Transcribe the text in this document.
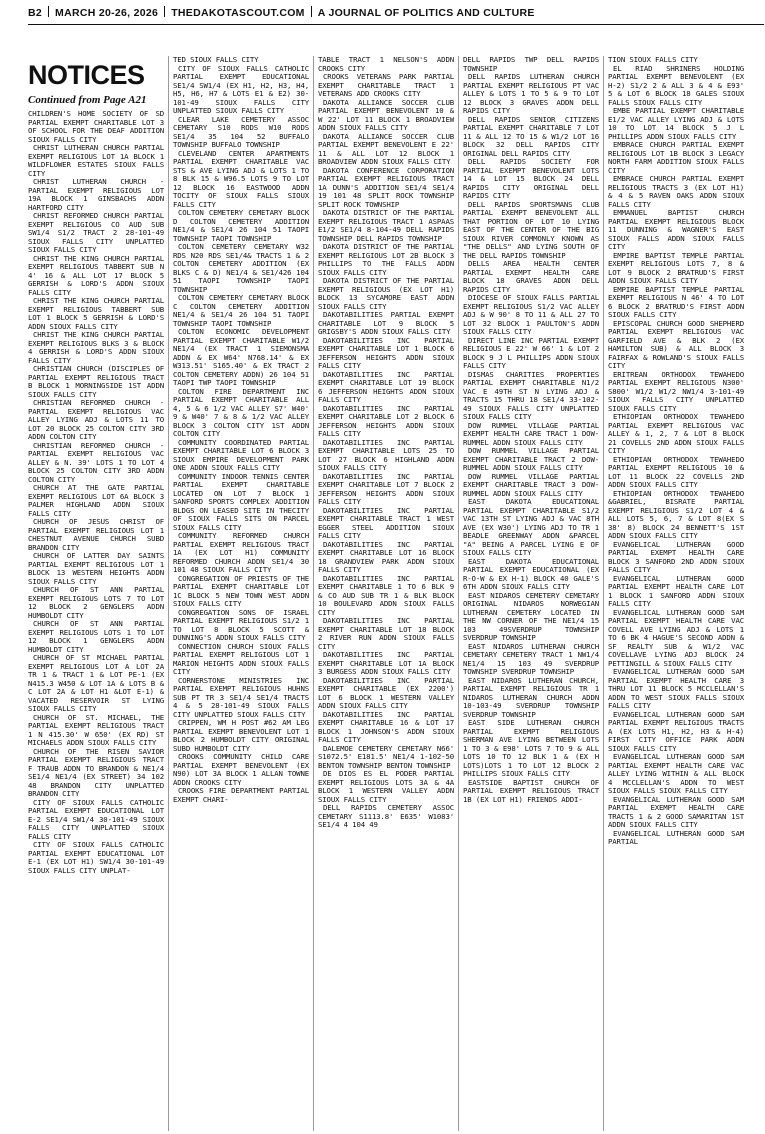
B2 MARCH 20-26, 2026 THEDAKOTASCOUT.COM A JOURNAL OF POLITICS AND CULTURE
NOTICES
Continued from Page A21

CHILDREN'S HOME SOCIETY OF SD PARTIAL EXEMPT CHARITABLE LOT 3 OF SCHOOL FOR THE DEAF ADDITION SIOUX FALLS CITY

CHRIST LUTHERAN CHURCH PARTIAL EXEMPT RELIGIOUS LOT 1A BLOCK 1 WILDFLOWER ESTATES SIOUX FALLS CITY

CHRIST LUTHERAN CHURCH - PARTIAL EXEMPT RELIGIOUS LOT 19A BLOCK 1 GINSBACHS ADDN HARTFORD CITY

CHRIST REFORMED CHURCH PARTIAL EXEMPT RELIGIOUS CO AUD SUB SW1/4 S1/2 TRACT 2 28-101-49 SIOUX FALLS CITY UNPLATTED SIOUX FALLS CITY

CHRIST THE KING CHURCH PARTIAL EXEMPT RELIGIOUS TABBERT SUB N 4' 16 & ALL LOT 17 BLOCK 5 GERRISH & LORD'S ADDN SIOUX FALLS CITY

CHRIST THE KING CHURCH PARTIAL EXEMPT RELIGIOUS TABBERT SUB LOT 1 BLOCK 5 GERRISH & LORD'S ADDN SIOUX FALLS CITY

CHRIST THE KING CHURCH PARTIAL EXEMPT RELIGIOUS BLKS 3 & BLOCK 4 GERRISH & LORD'S ADDN SIOUX FALLS CITY

CHRISTIAN CHURCH (DISCIPLES OF PARTIAL EXEMPT RELIGIOUS TRACT B BLOCK 1 MORNINGSIDE 1ST ADDN SIOUX FALLS CITY

CHRISTIAN REFORMED CHURCH - PARTIAL EXEMPT RELIGIOUS VAC ALLEY LYING ADJ & LOTS 11 TO LOT 20 BLOCK 25 COLTON CITY 3RD ADDN COLTON CITY

CHRISTIAN REFORMED CHURCH - PARTIAL EXEMPT RELIGIOUS VAC ALLEY & N. 39' LOTS 1 TO LOT 4 BLOCK 25 COLTON CITY 3RD ADDN COLTON CITY

CHURCH AT THE GATE PARTIAL EXEMPT RELIGIOUS LOT 6A BLOCK 3 PALMER HIGHLAND ADDN SIOUX FALLS CITY

CHURCH OF JESUS CHRIST OF PARTIAL EXEMPT RELIGIOUS LOT 1 CHESTNUT AVENUE CHURCH SUBD BRANDON CITY

CHURCH OF LATTER DAY SAINTS PARTIAL EXEMPT RELIGIOUS LOT 1 BLOCK 13 WESTERN HEIGHTS ADDN SIOUX FALLS CITY

CHURCH OF ST ANN PARTIAL EXEMPT RELIGIOUS LOTS 7 TO LOT 12 BLOCK 2 GENGLERS ADDN HUMBOLDT CITY

CHURCH OF ST ANN PARTIAL EXEMPT RELIGIOUS LOTS 1 TO LOT 12 BLOCK 1 GENGLERS ADDN HUMBOLDT CITY

CHURCH OF ST MICHAEL PARTIAL EXEMPT RELIGIOUS LOT A LOT 2A TR 1 & TRACT 1 & LOT PE-1 (EX N415.3 W450 & LOT 1A & LOTS B & C LOT 2A & LOT H1 &LOT E-1) & VACATED RESERVOIR ST LYING SIOUX FALLS CITY

CHURCH OF ST. MICHAEL, THE PARTIAL EXEMPT RELIGIOUS TRACT 1 N 415.30' W 650' (EX RD) ST MICHAELS ADDN SIOUX FALLS CITY

CHURCH OF THE RISEN SAVIOR PARTIAL EXEMPT RELIGIOUS TRACT F TRAUB ADDN TO BRANDON & NE1/4 SE1/4 NE1/4 (EX STREET) 34 102 48 BRANDON CITY UNPLATTED BRANDON CITY

CITY OF SIOUX FALLS CATHOLIC PARTIAL EXEMPT EDUCATIONAL LOT E-2 SE1/4 SW1/4 30-101-49 SIOUX FALLS CITY UNPLATTED SIOUX FALLS CITY

CITY OF SIOUX FALLS CATHOLIC PARTIAL EXEMPT EDUCATIONAL LOT E-1 (EX LOT H1) SW1/4 30-101-49 SIOUX FALLS CITY UNPLAT-

TED SIOUX FALLS CITY

CITY OF SIOUX FALLS CATHOLIC PARTIAL EXEMPT EDUCATIONAL SE1/4 SW1/4 (EX H1, H2, H3, H4, H5, H6, H7 & LOTS E1 & E2) 30-101-49 SIOUX FALLS CITY UNPLATTED SIOUX FALLS CITY

CLEAR LAKE CEMETERY ASSOC CEMETARY S10 RODS W10 RODS SE1/4 35 104 52 BUFFALO TOWNSHIP BUFFALO TOWNSHIP

CLEVELAND CENTER APARTMENTS PARTIAL EXEMPT CHARITABLE VAC STS & AVE LYING ADJ & LOTS 1 TO 8 BLK 15 & W96.5 LOTS 9 TO LOT 12 BLOCK 16 EASTWOOD ADDN TOCITY OF SIOUX FALLS SIOUX FALLS CITY

COLTON CEMETERY CEMETARY BLOCK D COLTON CEMETERY ADDITION NE1/4 & SE1/4 26 104 51 TAOPI TOWNSHIP TAOPI TOWNSHIP

COLTON CEMETERY CEMETARY W32 RDS N20 RDS SE1/4& TRACTS 1 & 2 COLTON CEMETERY ADDITION (EX BLKS C & D) NE1/4 & SE1/426 104 51 TAOPI TOWNSHIP TAOPI TOWNSHIP

COLTON CEMETERY CEMETARY BLOCK C COLTON CEMETERY ADDITION NE1/4 & SE1/4 26 104 51 TAOPI TOWNSHIP TAOPI TOWNSHIP

COLTON ECONOMIC DEVELOPMENT PARTIAL EXEMPT CHARITABLE W1/2 NE1/4 (EX TRACT 1 SIEMONSMA ADDN & EX W64' N768.14' & EX W313.51' S165.40' & EX TRACT 2 COLTON CEMETERY ADDN) 26 104 51 TAOPI TWP TAOPI TOWNSHIP

COLTON FIRE DEPARTMENT INC PARTIAL EXEMPT CHARITABLE ALL 4, 5 & 6 1/2 VAC ALLEY S7' W40' 9 & W40' 7 & 8 & 1/2 VAC ALLEY BLOCK 3 COLTON CITY 1ST ADDN COLTON CITY

COMMUNITY COORDINATED PARTIAL EXEMPT CHARITABLE LOT 6 BLOCK 3 SIOUX EMPIRE DEVELOPMENT PARK ONE ADDN SIOUX FALLS CITY

COMMUNITY INDOOR TENNIS CENTER PARTIAL EXEMPT CHARITABLE LOCATED ON LOT 7 BLOCK 1 SANFORD SPORTS COMPLEX ADDITION BLDGS ON LEASED SITE IN THECITY OF SIOUX FALLS SITS ON PARCEL SIOUX FALLS CITY

COMMUNITY REFORMED CHURCH PARTIAL EXEMPT RELIGIOUS TRACT 1A (EX LOT H1) COMMUNITY REFORMED CHURCH ADDN SE1/4 30 101 48 SIOUX FALLS CITY

CONGREGATION OF PRIESTS OF THE PARTIAL EXEMPT CHARITABLE LOT 1C BLOCK 5 NEW TOWN WEST ADDN SIOUX FALLS CITY

CONGREGATION SONS OF ISRAEL PARTIAL EXEMPT RELIGIOUS S1/2 1 TO LOT 8 BLOCK 5 SCOTT & DUNNING'S ADDN SIOUX FALLS CITY

CONNECTION CHURCH SIOUX FALLS PARTIAL EXEMPT RELIGIOUS LOT 1 MARION HEIGHTS ADDN SIOUX FALLS CITY

CORNERSTONE MINISTRIES INC PARTIAL EXEMPT RELIGIOUS HUHNS SUB PT TR 3 SE1/4 SE1/4 TRACTS 4 & 5 28-101-49 SIOUX FALLS CITY UNPLATTED SIOUX FALLS CITY

CRIPPEN, WM H POST #62 AM LEG PARTIAL EXEMPT BENEVOLENT LOT 1 BLOCK 2 HUMBOLDT CITY ORIGINAL SUBD HUMBOLDT CITY

CROOKS COMMUNITY CHILD CARE PARTIAL EXEMPT BENEVOLENT (EX N90) LOT 3A BLOCK 1 ALLAN TOWNE ADDN CROOKS CITY

CROOKS FIRE DEPARTMENT PARTIAL EXEMPT CHARI-

TABLE TRACT 1 NELSON'S ADDN CROOKS CITY

CROOKS VETERANS PARK PARTIAL EXEMPT CHARITABLE TRACT 1 VETERANS ADD CROOKS CITY

DAKOTA ALLIANCE SOCCER CLUB PARTIAL EXEMPT BENEVOLENT 10 & W 22' LOT 11 BLOCK 1 BROADVIEW ADDN SIOUX FALLS CITY

DAKOTA ALLIANCE SOCCER CLUB PARTIAL EXEMPT BENEVOLENT E 22' 11 & ALL LOT 12 BLOCK 1 BROADVIEW ADDN SIOUX FALLS CITY

DAKOTA CONFERENCE CORPORATION PARTIAL EXEMPT RELIGIOUS TRACT 1A DUNN'S ADDITION SE1/4 SE1/4 19 101 48 SPLIT ROCK TOWNSHIP SPLIT ROCK TOWNSHIP

DAKOTA DISTRICT OF THE PARTIAL EXEMPT RELIGIOUS TRACT 1 ASPAAS E1/2 SE1/4 8-104-49 DELL RAPIDS TOWNSHIP DELL RAPIDS TOWNSHIP

DAKOTA DISTRICT OF THE PARTIAL EXEMPT RELIGIOUS LOT 2B BLOCK 3 PHILLIPS TO THE FALLS ADDN SIOUX FALLS CITY

DAKOTA DISTRICT OF THE PARTIAL EXEMPT RELIGIOUS (EX LOT H1) BLOCK 13 SYCAMORE EAST ADDN SIOUX FALLS CITY

DAKOTABILITIES PARTIAL EXEMPT CHARITABLE LOT 9 BLOCK 5 GRIGSBY'S ADDN SIOUX FALLS CITY

DAKOTABILITIES INC PARTIAL EXEMPT CHARITABLE LOT 1 BLOCK 6 JEFFERSON HEIGHTS ADDN SIOUX FALLS CITY

DAKOTABILITIES INC PARTIAL EXEMPT CHARITABLE LOT 19 BLOCK 6 JEFFERSON HEIGHTS ADDN SIOUX FALLS CITY

DAKOTABILITIES INC PARTIAL EXEMPT CHARITABLE LOT 2 BLOCK 6 JEFFERSON HEIGHTS ADDN SIOUX FALLS CITY

DAKOTABILITIES INC PARTIAL EXEMPT CHARITABLE LOTS 25 TO LOT 27 BLOCK 6 HIGHLAND ADDN SIOUX FALLS CITY

DAKOTABILITIES INC PARTIAL EXEMPT CHARITABLE LOT 7 BLOCK 2 JEFFERSON HEIGHTS ADDN SIOUX FALLS CITY

DAKOTABILITIES INC PARTIAL EXEMPT CHARITABLE TRACT 1 WEST EGGER STEEL ADDITION SIOUX FALLS CITY

DAKOTABILITIES INC PARTIAL EXEMPT CHARITABLE LOT 16 BLOCK 18 GRANDVIEW PARK ADDN SIOUX FALLS CITY

DAKOTABILITIES INC PARTIAL EXEMPT CHARITABLE 1 TO 6 BLK 9 & CO AUD SUB TR 1 & BLK BLOCK 10 BOULEVARD ADDN SIOUX FALLS CITY

DAKOTABILITIES INC PARTIAL EXEMPT CHARITABLE LOT 18 BLOCK 2 RIVER RUN ADDN SIOUX FALLS CITY

DAKOTABILITIES INC PARTIAL EXEMPT CHARITABLE LOT 1A BLOCK 3 BURGESS ADDN SIOUX FALLS CITY

DAKOTABILITIES INC PARTIAL EXEMPT CHARITABLE (EX 2200') LOT 6 BLOCK 1 WESTERN VALLEY ADDN SIOUX FALLS CITY

DAKOTABILITIES INC PARTIAL EXEMPT CHARITABLE 16 & LOT 17 BLOCK 1 JOHNSON'S ADDN SIOUX FALLS CITY

DALEMOE CEMETERY CEMETARY N66' S1072.5' E181.5' NE1/4 1-102-50 BENTON TOWNSHIP BENTON TOWNSHIP

DE DIOS ES EL PODER PARTIAL EXEMPT RELIGIOUS LOTS 3A & 4A BLOCK 1 WESTERN VALLEY ADDN SIOUX FALLS CITY

DELL RAPIDS CEMETERY ASSOC CEMETARY S1113.8' E635' W1083' SE1/4 4 104 49

DELL RAPIDS TWP DELL RAPIDS TOWNSHIP

DELL RAPIDS LUTHERAN CHURCH PARTIAL EXEMPT RELIGIOUS PT VAC ALLEY & LOTS 1 TO 5 & 9 TO LOT 12 BLOCK 3 GRAVES ADDN DELL RAPIDS CITY

DELL RAPIDS SENIOR CITIZENS PARTIAL EXEMPT CHARITABLE 7 LOT 11 & ALL 12 TO 15 & W1/2 LOT 16 BLOCK 32 DELL RAPIDS CITY ORIGINAL DELL RAPIDS CITY

DELL RAPIDS SOCIETY FOR PARTIAL EXEMPT BENEVOLENT LOTS 14 & LOT 15 BLOCK 24 DELL RAPIDS CITY ORIGINAL DELL RAPIDS CITY

DELL RAPIDS SPORTSMANS CLUB PARTIAL EXEMPT BENEVOLENT ALL THAT PORTION OF LOT 10 LYING EAST OF THE CENTER OF THE BIG SIOUX RIVER COMMONLY KNOWN AS "THE DELLS" AND LYING SOUTH OF THE DELL RAPIDS TOWNSHIP

DELLS AREA HEALTH CENTER PARTIAL EXEMPT HEALTH CARE BLOCK 18 GRAVES ADDN DELL RAPIDS CITY

DIOCESE OF SIOUX FALLS PARTIAL EXEMPT RELIGIOUS S1/2 VAC ALLEY ADJ & W 90' 8 TO 11 & ALL 27 TO LOT 32 BLOCK 1 PAULTON'S ADDN SIOUX FALLS CITY

DIRECT LINE INC PARTIAL EXEMPT RELIGIOUS E 22' W 66' 1 & LOT 2 BLOCK 9 J L PHILLIPS ADDN SIOUX FALLS CITY

DISMAS CHARITIES PROPERTIES PARTIAL EXEMPT CHARITABLE N1/2 VAC E 49TH ST N LYING ADJ & TRACTS 15 THRU 18 SE1/4 33-102-49 SIOUX FALLS CITY UNPLATTED SIOUX FALLS CITY

DOW RUMMEL VILLAGE PARTIAL EXEMPT HEALTH CARE TRACT 1 DOW-RUMMEL ADDN SIOUX FALLS CITY

DOW RUMMEL VILLAGE PARTIAL EXEMPT CHARITABLE TRACT 2 DOW-RUMMEL ADDN SIOUX FALLS CITY

DOW RUMMEL VILLAGE PARTIAL EXEMPT CHARITABLE TRACT 3 DOW-RUMMEL ADDN SIOUX FALLS CITY

EAST DAKOTA EDUCATIONAL PARTIAL EXEMPT CHARITABLE S1/2 VAC 13TH ST LYING ADJ & VAC 8TH AVE (EX W30') LYING ADJ TO TR 1 BEADLE GREENWAY ADDN &PARCEL "A" BEING A PARCEL LYING E OF SIOUX FALLS CITY

EAST DAKOTA EDUCATIONAL PARTIAL EXEMPT EDUCATIONAL (EX R-O-W & EX H-1) BLOCK 40 GALE'S 6TH ADDN SIOUX FALLS CITY

EAST NIDAROS CEMETERY CEMETARY ORIGINAL NIDAROS NORWEGIAN LUTHERAN CEMETERY LOCATED IN THE NW CORNER OF THE NE1/4 15 103 49SVERDRUP TOWNSHIP SVERDRUP TOWNSHIP

EAST NIDAROS LUTHERAN CHURCH CEMETARY CEMETERY TRACT 1 NW1/4 NE1/4 15 103 49 SVERDRUP TOWNSHIP SVERDRUP TOWNSHIP

EAST NIDAROS LUTHERAN CHURCH, PARTIAL EXEMPT RELIGIOUS TR 1 NIDAROS LUTHERAN CHURCH ADDN 10-103-49 SVERDRUP TOWNSHIP SVERDRUP TOWNSHIP

EAST SIDE LUTHERAN CHURCH PARTIAL EXEMPT RELIGIOUS SHERMAN AVE LYING BETWEEN LOTS 1 TO 3 & E98' LOTS 7 TO 9 & ALL LOTS 10 TO 12 BLK 1 & (EX H LOTS)LOTS 1 TO LOT 12 BLOCK 2 PHILLIPS SIOUX FALLS CITY

EASTSIDE BAPTIST CHURCH OF PARTIAL EXEMPT RELIGIOUS TRACT 1B (EX LOT H1) FRIENDS ADDI-

TION SIOUX FALLS CITY

EL RIAD SHRINERS HOLDING PARTIAL EXEMPT BENEVOLENT (EX H-2) S1/2 2 & ALL 3 & 4 & E93' 5 & LOT 6 BLOCK 18 GALES SIOUX FALLS SIOUX FALLS CITY

EMBE PARTIAL EXEMPT CHARITABLE E1/2 VAC ALLEY LYING ADJ & LOTS 10 TO LOT 14 BLOCK 5 J L PHILLIPS ADDN SIOUX FALLS CITY

EMBRACE CHURCH PARTIAL EXEMPT RELIGIOUS LOT 1B BLOCK 3 LEGACY NORTH FARM ADDITION SIOUX FALLS CITY

EMBRACE CHURCH PARTIAL EXEMPT RELIGIOUS TRACTS 3 (EX LOT H1) & 4 & 5 RAVEN OAKS ADDN SIOUX FALLS CITY

EMMANUEL BAPTIST CHURCH PARTIAL EXEMPT RELIGIOUS BLOCK 11 DUNNING & WAGNER'S EAST SIOUX FALLS ADDN SIOUX FALLS CITY

EMPIRE BAPTIST TEMPLE PARTIAL EXEMPT RELIGIOUS LOTS 7, 8 & LOT 9 BLOCK 2 BRATRUD'S FIRST ADDN SIOUX FALLS CITY

EMPIRE BAPTIST TEMPLE PARTIAL EXEMPT RELIGIOUS N 46' 4 TO LOT 6 BLOCK 2 BRATRUD'S FIRST ADDN SIOUX FALLS CITY

EPISCOPAL CHURCH GOOD SHEPHERD PARTIAL EXEMPT RELIGIOUS VAC GARFIELD AVE & BLK 2 (EX HAMILTON SUB) & ALL BLOCK 3 FAIRFAX & ROWLAND'S SIOUX FALLS CITY

ERITREAN ORTHODOX TEWAHEDO PARTIAL EXEMPT RELIGIOUS N300' S800' W1/2 W1/2 NW1/4 3-101-49 SIOUX FALLS CITY UNPLATTED SIOUX FALLS CITY

ETHIOPIAN ORTHODOX TEWAHEDO PARTIAL EXEMPT RELIGIOUS VAC ALLEY & 1, 2, 7 & LOT 8 BLOCK 21 COVELLS 2ND ADDN SIOUX FALLS CITY

ETHIOPIAN ORTHODOX TEWAHEDO PARTIAL EXEMPT RELIGIOUS 10 & LOT 11 BLOCK 22 COVELLS 2ND ADDN SIOUX FALLS CITY

ETHIOPIAN ORTHODOX TEWAHEDO &GABRIEL, BISRATE PARTIAL EXEMPT RELIGIOUS S1/2 LOT 4 & ALL LOTS 5, 6, 7 & LOT 8(EX S 38' 8) BLOCK 24 BENNETT'S 1ST ADDN SIOUX FALLS CITY

EVANGELICAL LUTHERAN GOOD PARTIAL EXEMPT HEALTH CARE BLOCK 3 SANFORD 2ND ADDN SIOUX FALLS CITY

EVANGELICAL LUTHERAN GOOD PARTIAL EXEMPT HEALTH CARE LOT 1 BLOCK 1 SANFORD ADDN SIOUX FALLS CITY

EVANGELICAL LUTHERAN GOOD SAM PARTIAL EXEMPT HEALTH CARE VAC COVELL AVE LYING ADJ & LOTS 1 TO 6 BK 4 HAGUE'S SECOND ADDN & SF REALTY SUB & W1/2 VAC COVELLAVE LYING ADJ BLOCK 24 PETTINGILL & SIOUX FALLS CITY

EVANGELICAL LUTHERAN GOOD SAM PARTIAL EXEMPT HEALTH CARE 3 THRU LOT 11 BLOCK 5 MCCLELLAN'S ADDN TO WEST SIOUX FALLS SIOUX FALLS CITY

EVANGELICAL LUTHERAN GOOD SAM PARTIAL EXEMPT RELIGIOUS TRACTS A (EX LOTS H1, H2, H3 & H-4) FIRST CITY OFFICE PARK ADDN SIOUX FALLS CITY

EVANGELICAL LUTHERAN GOOD SAM PARTIAL EXEMPT HEALTH CARE VAC ALLEY LYING WITHIN & ALL BLOCK 4 MCCLELLAN'S ADDN TO WEST SIOUX FALLS SIOUX FALLS CITY

EVANGELICAL LUTHERAN GOOD SAM PARTIAL EXEMPT HEALTH CARE TRACTS 1 & 2 GOOD SAMARITAN 1ST ADDN SIOUX FALLS CITY

EVANGELICAL LUTHERAN GOOD SAM PARTIAL
